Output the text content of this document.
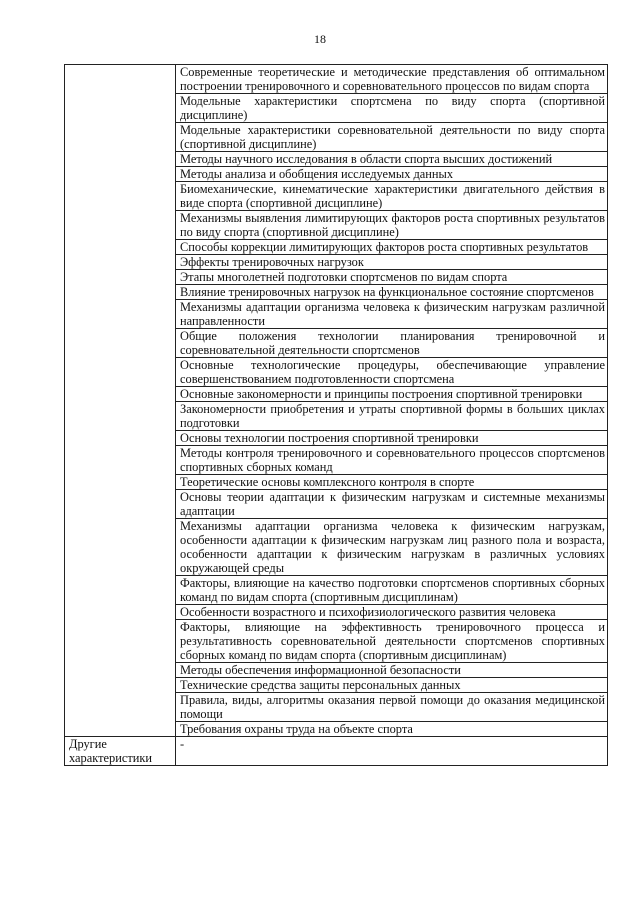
18
	Современные теоретические и методические представления об оптимальном построении тренировочного и соревновательного процессов по видам спорта
	Модельные характеристики спортсмена по виду спорта (спортивной дисциплине)
	Модельные характеристики соревновательной деятельности по виду спорта (спортивной дисциплине)
	Методы научного исследования в области спорта высших достижений
	Методы анализа и обобщения исследуемых данных
	Биомеханические, кинематические характеристики двигательного действия в виде спорта (спортивной дисциплине)
	Механизмы выявления лимитирующих факторов роста спортивных результатов по виду спорта (спортивной дисциплине)
	Способы коррекции лимитирующих факторов роста спортивных результатов
	Эффекты тренировочных нагрузок
	Этапы многолетней подготовки спортсменов по видам спорта
	Влияние тренировочных нагрузок на функциональное состояние спортсменов
	Механизмы адаптации организма человека к физическим нагрузкам различной направленности
	Общие положения технологии планирования тренировочной и соревновательной деятельности спортсменов
	Основные технологические процедуры, обеспечивающие управление совершенствованием подготовленности спортсмена
	Основные закономерности и принципы построения спортивной тренировки
	Закономерности приобретения и утраты спортивной формы в больших циклах подготовки
	Основы технологии построения спортивной тренировки
	Методы контроля тренировочного и соревновательного процессов спортсменов спортивных сборных команд
	Теоретические основы комплексного контроля в спорте
	Основы теории адаптации к физическим нагрузкам и системные механизмы адаптации
	Механизмы адаптации организма человека к физическим нагрузкам, особенности адаптации к физическим нагрузкам лиц разного пола и возраста, особенности адаптации к физическим нагрузкам в различных условиях окружающей среды
	Факторы, влияющие на качество подготовки спортсменов спортивных сборных команд по видам спорта (спортивным дисциплинам)
	Особенности возрастного и психофизиологического развития человека
	Факторы, влияющие на эффективность тренировочного процесса и результативность соревновательной деятельности спортсменов спортивных сборных команд по видам спорта (спортивным дисциплинам)
	Методы обеспечения информационной безопасности
	Технические средства защиты персональных данных
	Правила, виды, алгоритмы оказания первой помощи до оказания медицинской помощи
	Требования охраны труда на объекте спорта
Другие характеристики	-
